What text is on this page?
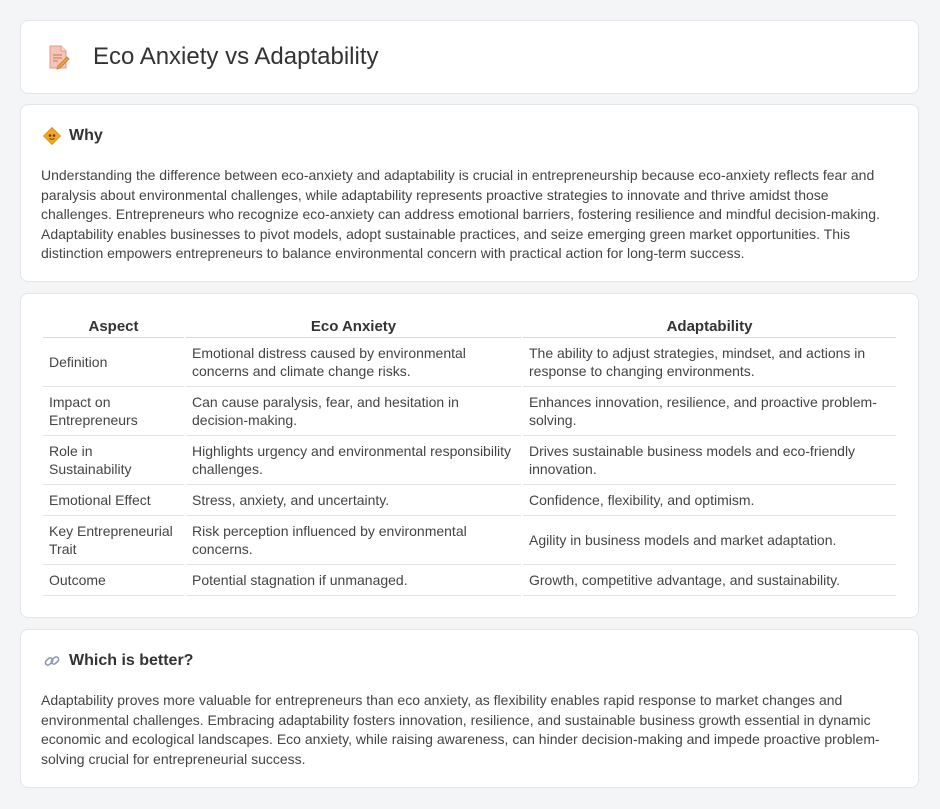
Eco Anxiety vs Adaptability
Why

Understanding the difference between eco-anxiety and adaptability is crucial in entrepreneurship because eco-anxiety reflects fear and paralysis about environmental challenges, while adaptability represents proactive strategies to innovate and thrive amidst those challenges. Entrepreneurs who recognize eco-anxiety can address emotional barriers, fostering resilience and mindful decision-making. Adaptability enables businesses to pivot models, adopt sustainable practices, and seize emerging green market opportunities. This distinction empowers entrepreneurs to balance environmental concern with practical action for long-term success.

Aspect	Eco Anxiety	Adaptability
Definition	Emotional distress caused by environmental concerns and climate change risks.	The ability to adjust strategies, mindset, and actions in response to changing environments.
Impact on Entrepreneurs	Can cause paralysis, fear, and hesitation in decision-making.	Enhances innovation, resilience, and proactive problem-solving.
Role in Sustainability	Highlights urgency and environmental responsibility challenges.	Drives sustainable business models and eco-friendly innovation.
Emotional Effect	Stress, anxiety, and uncertainty.	Confidence, flexibility, and optimism.
Key Entrepreneurial Trait	Risk perception influenced by environmental concerns.	Agility in business models and market adaptation.
Outcome	Potential stagnation if unmanaged.	Growth, competitive advantage, and sustainability.
Which is better?

Adaptability proves more valuable for entrepreneurs than eco anxiety, as flexibility enables rapid response to market changes and environmental challenges. Embracing adaptability fosters innovation, resilience, and sustainable business growth essential in dynamic economic and ecological landscapes. Eco anxiety, while raising awareness, can hinder decision-making and impede proactive problem-solving crucial for entrepreneurial success.
